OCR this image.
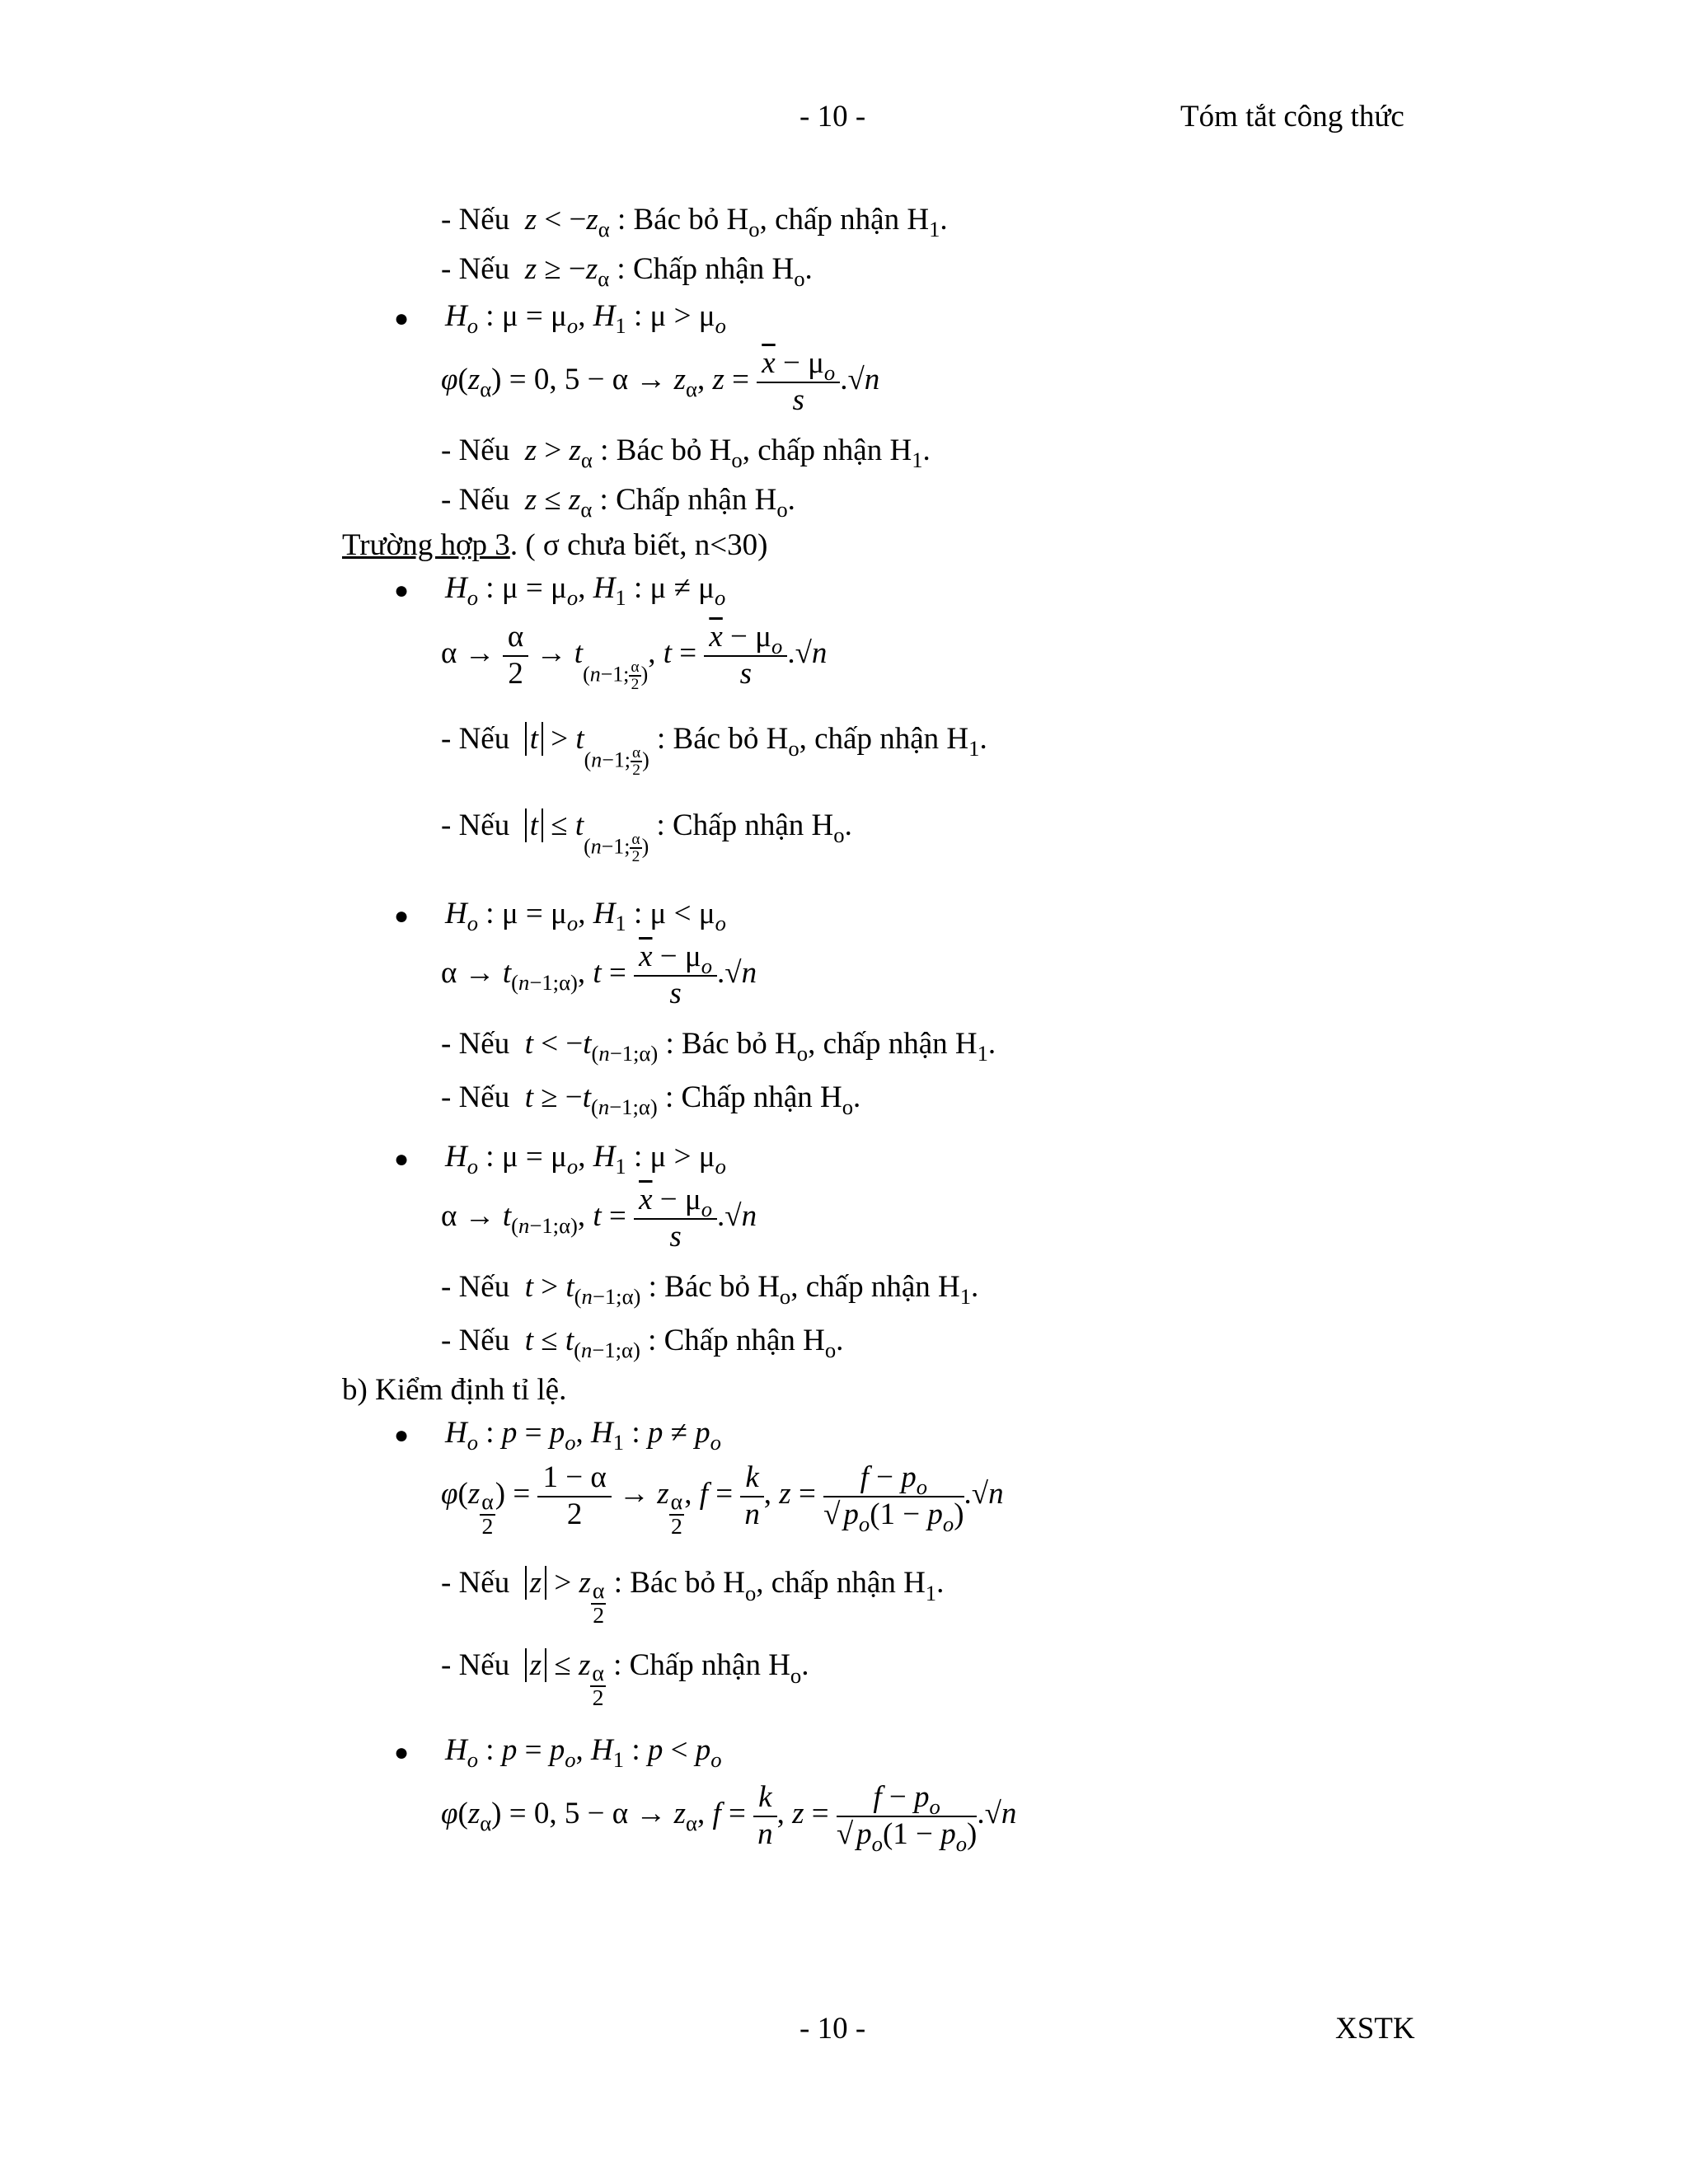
- 10 -	Tóm tắt công thức
- Nếu $z < -z_\alpha$ : Bác bỏ $H_o$, chấp nhận $H_1$.
- Nếu $z \ge -z_\alpha$ : Chấp nhận $H_o$.
● $H_o$ : $\mu = \mu_o$, $H_1$ : $\mu > \mu_o$
$\varphi(z_\alpha) = 0$, $5 - \alpha \to z_\alpha$, $z = \frac{\overline{x} - \mu_o}{s} .√n$
- Nếu $z > z_\alpha$ : Bác bỏ $H_o$, chấp nhận $H_1$.
- Nếu $z \le z_\alpha$ : Chấp nhận $H_o$.
Trường hợp 3. ( σ chưa biết, n<30)
● $H_o$ : $\mu = \mu_o$, $H_1$ : $\mu \ne \mu_o$
$\alpha \to \frac{\alpha}{2} \to t(n-1$; $\frac{\alpha}{2}$ ), $t = \frac{\overline{x} - \mu_o}{s} .√n$
- Nếu t > t(n−1; $\frac{\alpha}{2}$ ) : Bác bỏ $H_o$, chấp nhận $H_1$.
- Nếu t ≤ t(n−1; $\frac{\alpha}{2}$ ) : Chấp nhận $H_o$.
● $H_o$ : $\mu = \mu_o$, $H_1$ : $\mu < \mu_o$
$\alpha \to t_{(n-1;\alpha)}$, $t = \frac{\overline{x} - \mu_o}{s} .√n$
- Nếu $t < -t_{(n-1;\alpha)}$ : Bác bỏ $H_o$, chấp nhận $H_1$.
- Nếu $t \ge -t_{(n-1;\alpha)}$ : Chấp nhận $H_o$.
● $H_o$ : $\mu = \mu_o$, $H_1$ : $\mu > \mu_o$
$\alpha \to t_{(n-1;\alpha)}$, $t = \frac{\overline{x} - \mu_o}{s} .√n$
- Nếu $t > t_{(n-1;\alpha)}$ : Bác bỏ $H_o$, chấp nhận $H_1$.
- Nếu $t \le t_{(n-1;\alpha)}$ : Chấp nhận $H_o$.
b) Kiểm định tỉ lệ.
● $H_o$ : $p = p_o$, $H_1$ : $p \ne p_o$
$\varphi(z \frac{\alpha}{2}$ ) = $\frac{1 - \alpha}{2} \to z \frac{\alpha}{2}$ , $f = \frac{k}{n}$ , $z = \frac{f - p_o}{√ p_o(1 - p_o)} .√n$
- Nếu z > z $\frac{\alpha}{2}$ : Bác bỏ $H_o$, chấp nhận $H_1$.
- Nếu z ≤ z $\frac{\alpha}{2}$ : Chấp nhận $H_o$.
● $H_o$ : $p = p_o$, $H_1$ : $p < p_o$
$\varphi(z_\alpha) = 0$, $5 - \alpha \to z_\alpha$, $f = \frac{k}{n}$ , $z = \frac{f - p_o}{√ p_o(1 - p_o)} .√n$
- 10 -	XSTK
